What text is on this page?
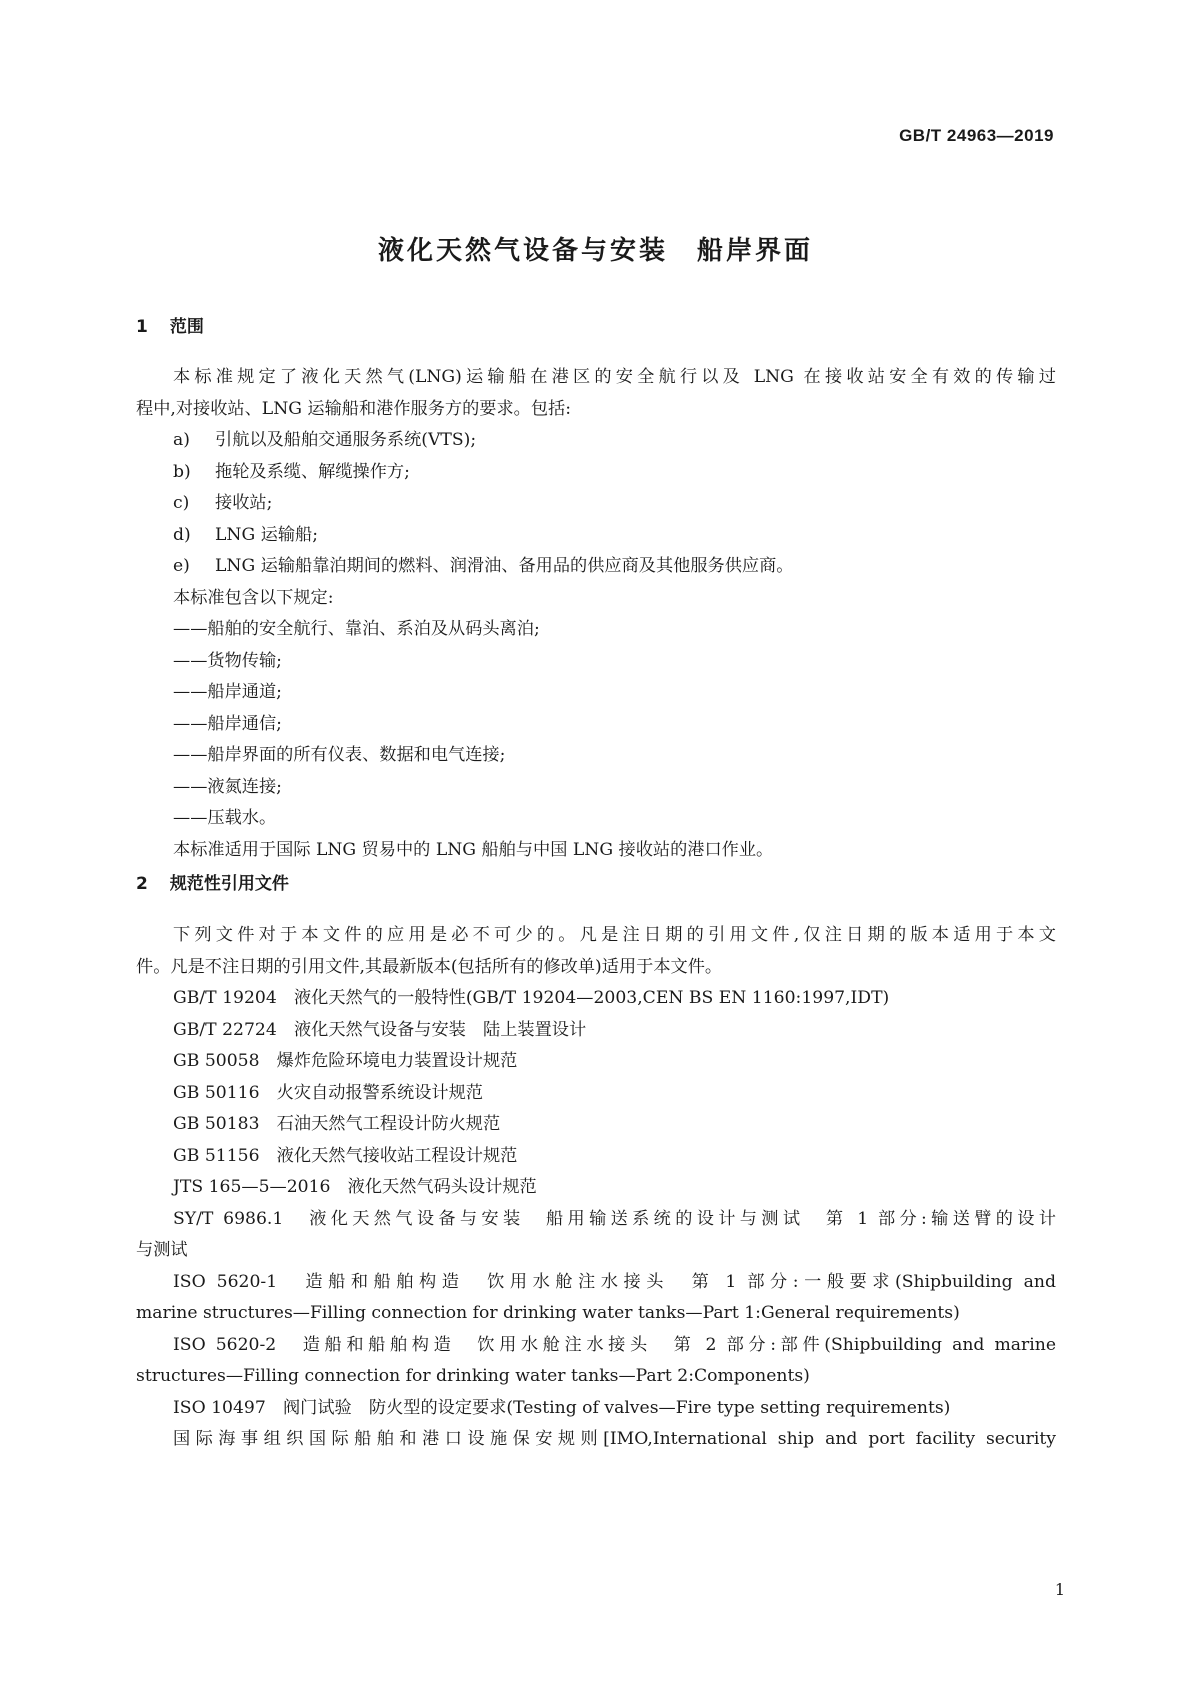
GB/T 24963—2019
液化天然气设备与安装　船岸界面
1 范围
本标准规定了液化天然气(LNG)运输船在港区的安全航行以及 LNG 在接收站安全有效的传输过
程中,对接收站、LNG 运输船和港作服务方的要求。包括:
a) 引航以及船舶交通服务系统(VTS);
b) 拖轮及系缆、解缆操作方;
c) 接收站;
d) LNG 运输船;
e) LNG 运输船靠泊期间的燃料、润滑油、备用品的供应商及其他服务供应商。
本标准包含以下规定:
——船舶的安全航行、靠泊、系泊及从码头离泊;
——货物传输;
——船岸通道;
——船岸通信;
——船岸界面的所有仪表、数据和电气连接;
——液氮连接;
——压载水。
本标准适用于国际 LNG 贸易中的 LNG 船舶与中国 LNG 接收站的港口作业。
2 规范性引用文件
下列文件对于本文件的应用是必不可少的。凡是注日期的引用文件,仅注日期的版本适用于本文
件。凡是不注日期的引用文件,其最新版本(包括所有的修改单)适用于本文件。
GB/T 19204　液化天然气的一般特性(GB/T 19204—2003,CEN BS EN 1160:1997,IDT)
GB/T 22724　液化天然气设备与安装　陆上装置设计
GB 50058　爆炸危险环境电力装置设计规范
GB 50116　火灾自动报警系统设计规范
GB 50183　石油天然气工程设计防火规范
GB 51156　液化天然气接收站工程设计规范
JTS 165—5—2016　液化天然气码头设计规范
SY/T 6986.1　液化天然气设备与安装　船用输送系统的设计与测试　第 1 部分:输送臂的设计
与测试
ISO 5620-1　造船和船舶构造　饮用水舱注水接头　第 1 部分:一般要求(Shipbuilding and
marine structures—Filling connection for drinking water tanks—Part 1:General requirements)
ISO 5620-2　造船和船舶构造　饮用水舱注水接头　第 2 部分:部件(Shipbuilding and marine
structures—Filling connection for drinking water tanks—Part 2:Components)
ISO 10497　阀门试验　防火型的设定要求(Testing of valves—Fire type setting requirements)
国际海事组织国际船舶和港口设施保安规则[IMO,International ship and port facility security
1
